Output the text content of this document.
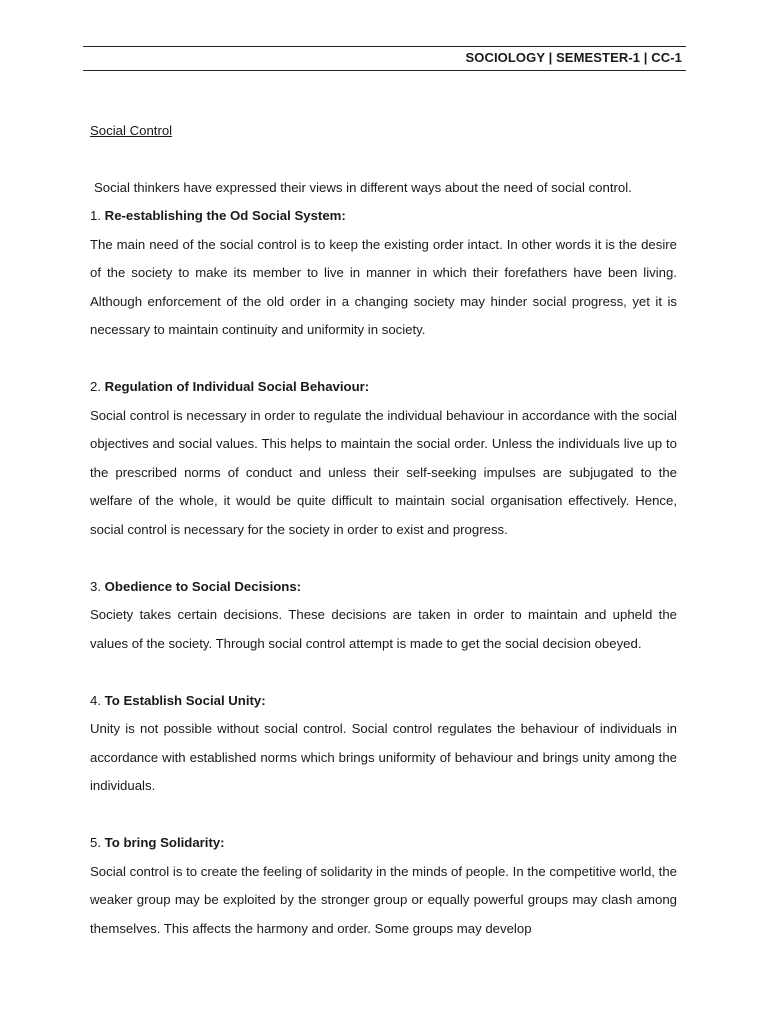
SOCIOLOGY | SEMESTER-1 | CC-1

Social Control

Social thinkers have expressed their views in different ways about the need of social control.

1. Re-establishing the Od Social System:

The main need of the social control is to keep the existing order intact. In other words it is the desire of the society to make its member to live in manner in which their forefathers have been living. Although enforcement of the old order in a changing society may hinder social progress, yet it is necessary to maintain continuity and uniformity in society.

2. Regulation of Individual Social Behaviour:

Social control is necessary in order to regulate the individual behaviour in accordance with the social objectives and social values. This helps to maintain the social order. Unless the individuals live up to the prescribed norms of conduct and unless their self-seeking impulses are subjugated to the welfare of the whole, it would be quite difficult to maintain social organisation effectively. Hence, social control is necessary for the society in order to exist and progress.

3. Obedience to Social Decisions:

Society takes certain decisions. These decisions are taken in order to maintain and upheld the values of the society. Through social control attempt is made to get the social decision obeyed.

4. To Establish Social Unity:

Unity is not possible without social control. Social control regulates the behaviour of individuals in accordance with established norms which brings uniformity of behaviour and brings unity among the individuals.

5. To bring Solidarity:

Social control is to create the feeling of solidarity in the minds of people. In the competitive world, the weaker group may be exploited by the stronger group or equally powerful groups may clash among themselves. This affects the harmony and order. Some groups may develop
